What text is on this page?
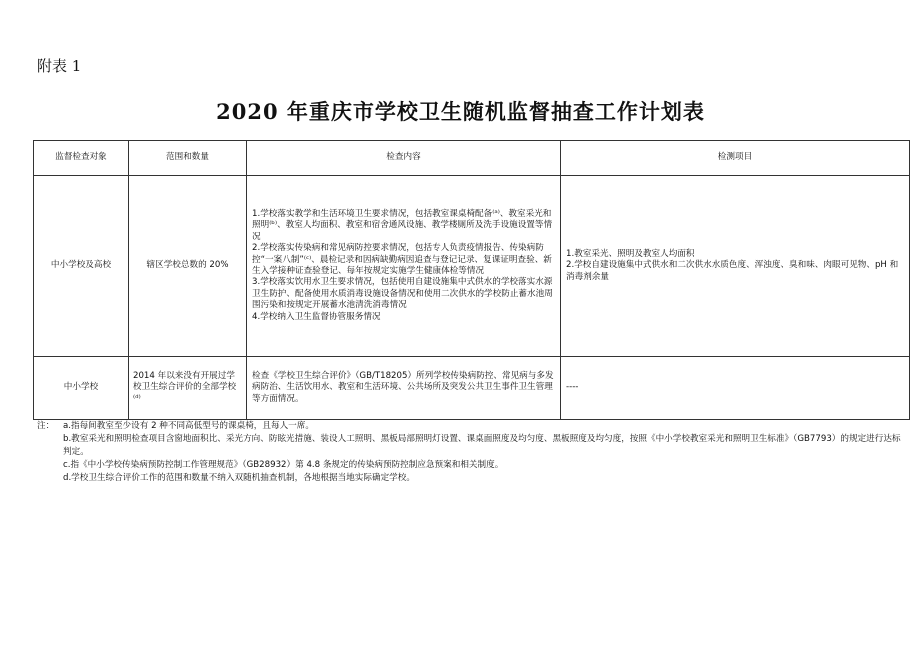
附表 1
2020 年重庆市学校卫生随机监督抽查工作计划表
监督检查对象	范围和数量	检查内容	检测项目
中小学校及高校	辖区学校总数的 20%	1.学校落实教学和生活环境卫生要求情况，包括教室课桌椅配备⁽ᵃ⁾、教室采光和照明⁽ᵇ⁾、教室人均面积、教室和宿舍通风设施、教学楼厕所及洗手设施设置等情况
2.学校落实传染病和常见病防控要求情况，包括专人负责疫情报告、传染病防控“一案八制”⁽ᶜ⁾、晨检记录和因病缺勤病因追查与登记记录、复课证明查验、新生入学接种证查验登记、每年按规定实施学生健康体检等情况
3.学校落实饮用水卫生要求情况，包括使用自建设施集中式供水的学校落实水源卫生防护、配备使用水质消毒设施设备情况和使用二次供水的学校防止蓄水池周围污染和按规定开展蓄水池清洗消毒情况
4.学校纳入卫生监督协管服务情况	1.教室采光、照明及教室人均面积
2.学校自建设施集中式供水和二次供水水质色度、浑浊度、臭和味、肉眼可见物、pH 和消毒剂余量

中小学校	2014 年以来没有开展过学校卫生综合评价的全部学校⁽ᵈ⁾	检查《学校卫生综合评价》（GB/T18205）所列学校传染病防控、常见病与多发病防治、生活饮用水、教室和生活环境、公共场所及突发公共卫生事件卫生管理等方面情况。	----
注：	a.指每间教室至少设有 2 种不同高低型号的课桌椅，且每人一席。
b.教室采光和照明检查项目含窗地面积比、采光方向、防眩光措施、装设人工照明、黑板局部照明灯设置、课桌面照度及均匀度、黑板照度及均匀度，按照《中小学校教室采光和照明卫生标准》（GB7793）的规定进行达标判定。
c.指《中小学校传染病预防控制工作管理规范》（GB28932）第 4.8 条规定的传染病预防控制应急预案和相关制度。
d.学校卫生综合评价工作的范围和数量不纳入双随机抽查机制，各地根据当地实际确定学校。
